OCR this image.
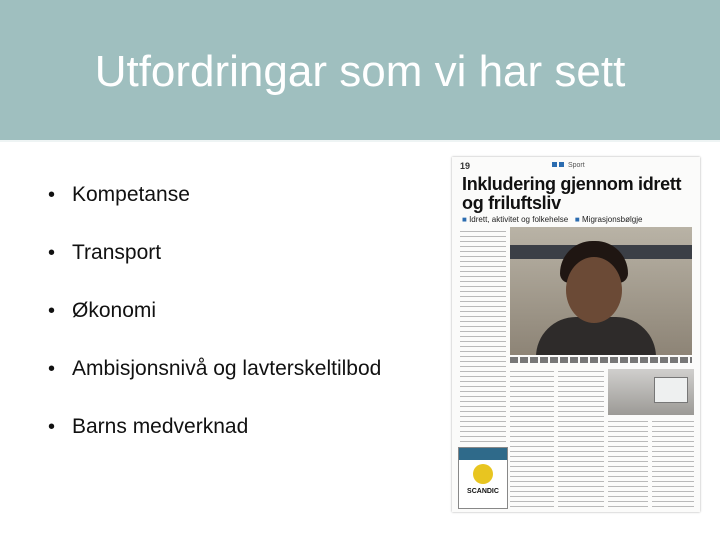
Utfordringar som vi har sett
• Kompetanse
• Transport
• Økonomi
• Ambisjonsnivå og lavterskeltilbod
• Barns medverknad
19	Sport
Inkludering gjennom idrett og friluftsliv
■ Idrett, aktivitet og folkehelse ■ Migrasjonsbølgje
SCANDIC
